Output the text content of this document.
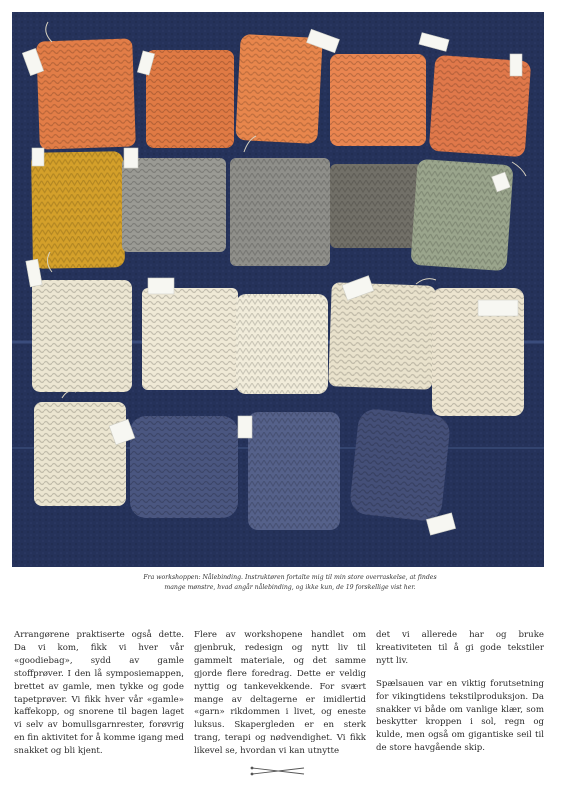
Fra workshoppen: Nålebinding. Instruktøren fortalte mig til min store overraskelse, at findes
mange mønstre, hvad angår nålebinding, og ikke kun, de 19 forskellige vist her.

Arrangørene praktiserte også dette. Da vi kom, fikk vi hver vår «goodiebag», sydd av gamle stoffprøver. I den lå symposiemappen, brettet av gamle, men tykke og gode tapetprøver. Vi fikk hver vår «gamle» kaffekopp, og snorene til bagen laget vi selv av bomullsgarnrester, forøvrig en fin aktivitet for å komme igang med snakket og bli kjent.

Flere av workshopene handlet om gjenbruk, redesign og nytt liv til gammelt materiale, og det samme gjorde flere foredrag. Dette er veldig nyttig og tankevekkende. For svært mange av deltagerne er imidlertid «garn» rikdommen i livet, og eneste luksus. Skapergleden er en sterk trang, terapi og nødvendighet. Vi fikk likevel se, hvordan vi kan utnytte

det vi allerede har og bruke kreativiteten til å gi gode tekstiler nytt liv.

Spælsauen var en viktig forutsetning for vikingtidens tekstilproduksjon. Da snakker vi både om vanlige klær, som beskytter kroppen i sol, regn og kulde, men også om gigantiske seil til de store havgående skip.
